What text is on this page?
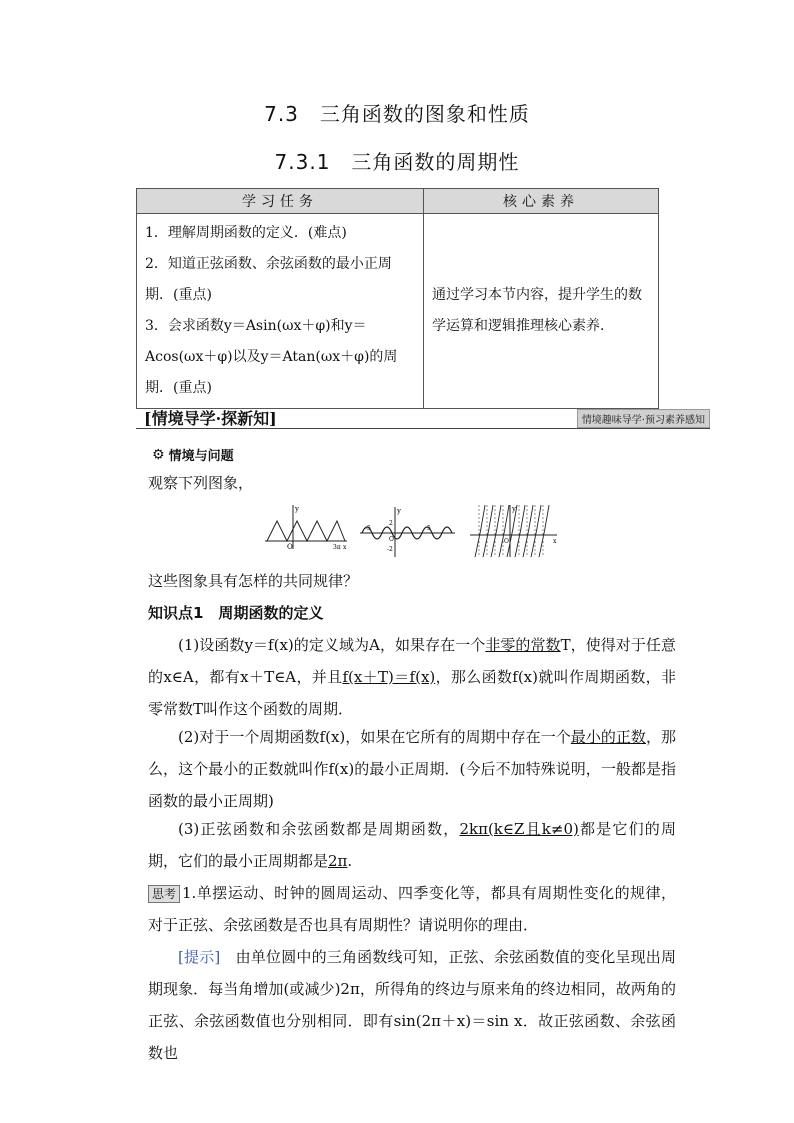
7.3　三角函数的图象和性质
7.3.1　三角函数的周期性
学习任务	核心素养

1．理解周期函数的定义．(难点)
2．知道正弦函数、余弦函数的最小正周期．(重点)
3．会求函数y＝Asin(ωx＋φ)和y＝Acos(ωx＋φ)以及y＝Atan(ωx＋φ)的周期．(重点)	通过学习本节内容，提升学生的数学运算和逻辑推理核心素养.
[情境导学·探新知]	情境趣味导学·预习素养感知
⚙ 情境与问题
观察下列图象，
y
O	x
3π
y
2
O
-2
5
-5
y
O	x
这些图象具有怎样的共同规律？
知识点1　周期函数的定义
(1)设函数y＝f(x)的定义域为A，如果存在一个非零的常数T，使得对于任意的x∈A，都有x＋T∈A，并且f(x＋T)＝f(x)，那么函数f(x)就叫作周期函数，非零常数T叫作这个函数的周期．
(2)对于一个周期函数f(x)，如果在它所有的周期中存在一个最小的正数，那么，这个最小的正数就叫作f(x)的最小正周期．(今后不加特殊说明，一般都是指函数的最小正周期)
(3)正弦函数和余弦函数都是周期函数，2kπ(k∈Z且k≠0)都是它们的周期，它们的最小正周期都是2π.
思考 1.单摆运动、时钟的圆周运动、四季变化等，都具有周期性变化的规律，对于正弦、余弦函数是否也具有周期性？请说明你的理由．
[提示]　由单位圆中的三角函数线可知，正弦、余弦函数值的变化呈现出周期现象．每当角增加(或减少)2π，所得角的终边与原来角的终边相同，故两角的正弦、余弦函数值也分别相同．即有sin(2π＋x)＝sin x．故正弦函数、余弦函数也
